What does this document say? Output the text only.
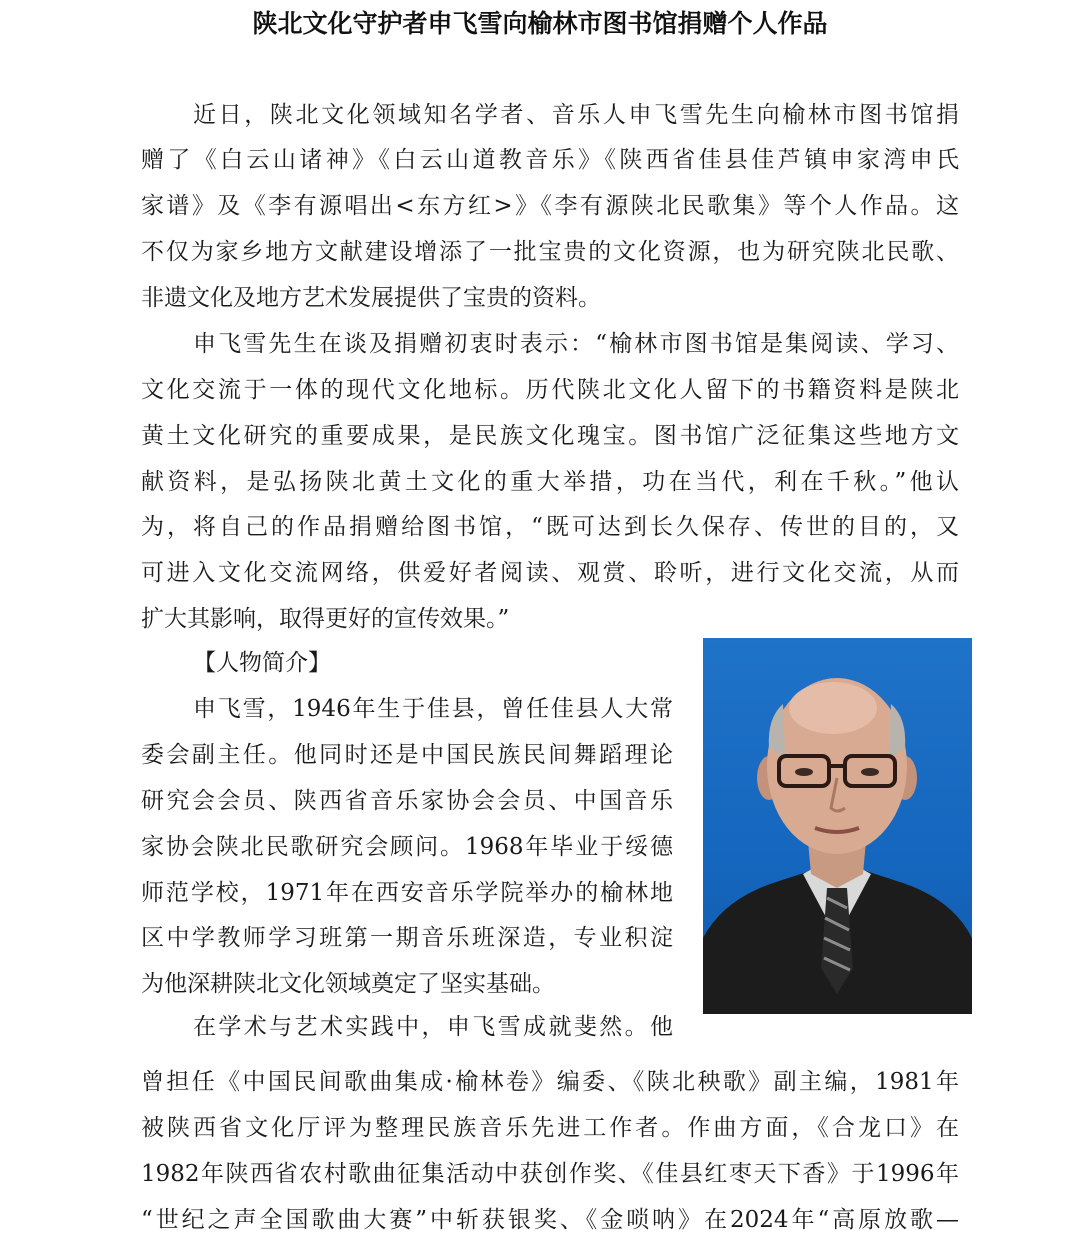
陕北文化守护者申飞雪向榆林市图书馆捐赠个人作品

近日，陕北文化领域知名学者、音乐人申飞雪先生向榆林市图书馆捐

赠了《白云山诸神》《白云山道教音乐》《陕西省佳县佳芦镇申家湾申氏

家谱》及《李有源唱出<东方红>》《李有源陕北民歌集》等个人作品。这

不仅为家乡地方文献建设增添了一批宝贵的文化资源，也为研究陕北民歌、

非遗文化及地方艺术发展提供了宝贵的资料。

申飞雪先生在谈及捐赠初衷时表示：“榆林市图书馆是集阅读、学习、

文化交流于一体的现代文化地标。历代陕北文化人留下的书籍资料是陕北

黄土文化研究的重要成果，是民族文化瑰宝。图书馆广泛征集这些地方文

献资料，是弘扬陕北黄土文化的重大举措，功在当代，利在千秋。”他认

为，将自己的作品捐赠给图书馆，“既可达到长久保存、传世的目的，又

可进入文化交流网络，供爱好者阅读、观赏、聆听，进行文化交流，从而

扩大其影响，取得更好的宣传效果。”

【人物简介】

申飞雪，1946年生于佳县，曾任佳县人大常

委会副主任。他同时还是中国民族民间舞蹈理论

研究会会员、陕西省音乐家协会会员、中国音乐

家协会陕北民歌研究会顾问。1968年毕业于绥德

师范学校，1971年在西安音乐学院举办的榆林地

区中学教师学习班第一期音乐班深造，专业积淀

为他深耕陕北文化领域奠定了坚实基础。

在学术与艺术实践中，申飞雪成就斐然。他

曾担任《中国民间歌曲集成·榆林卷》编委、《陕北秧歌》副主编，1981年

被陕西省文化厅评为整理民族音乐先进工作者。作曲方面，《合龙口》在

1982年陕西省农村歌曲征集活动中获创作奖、《佳县红枣天下香》于1996年

“世纪之声全国歌曲大赛”中斩获银奖、《金唢呐》在2024年“高原放歌—
